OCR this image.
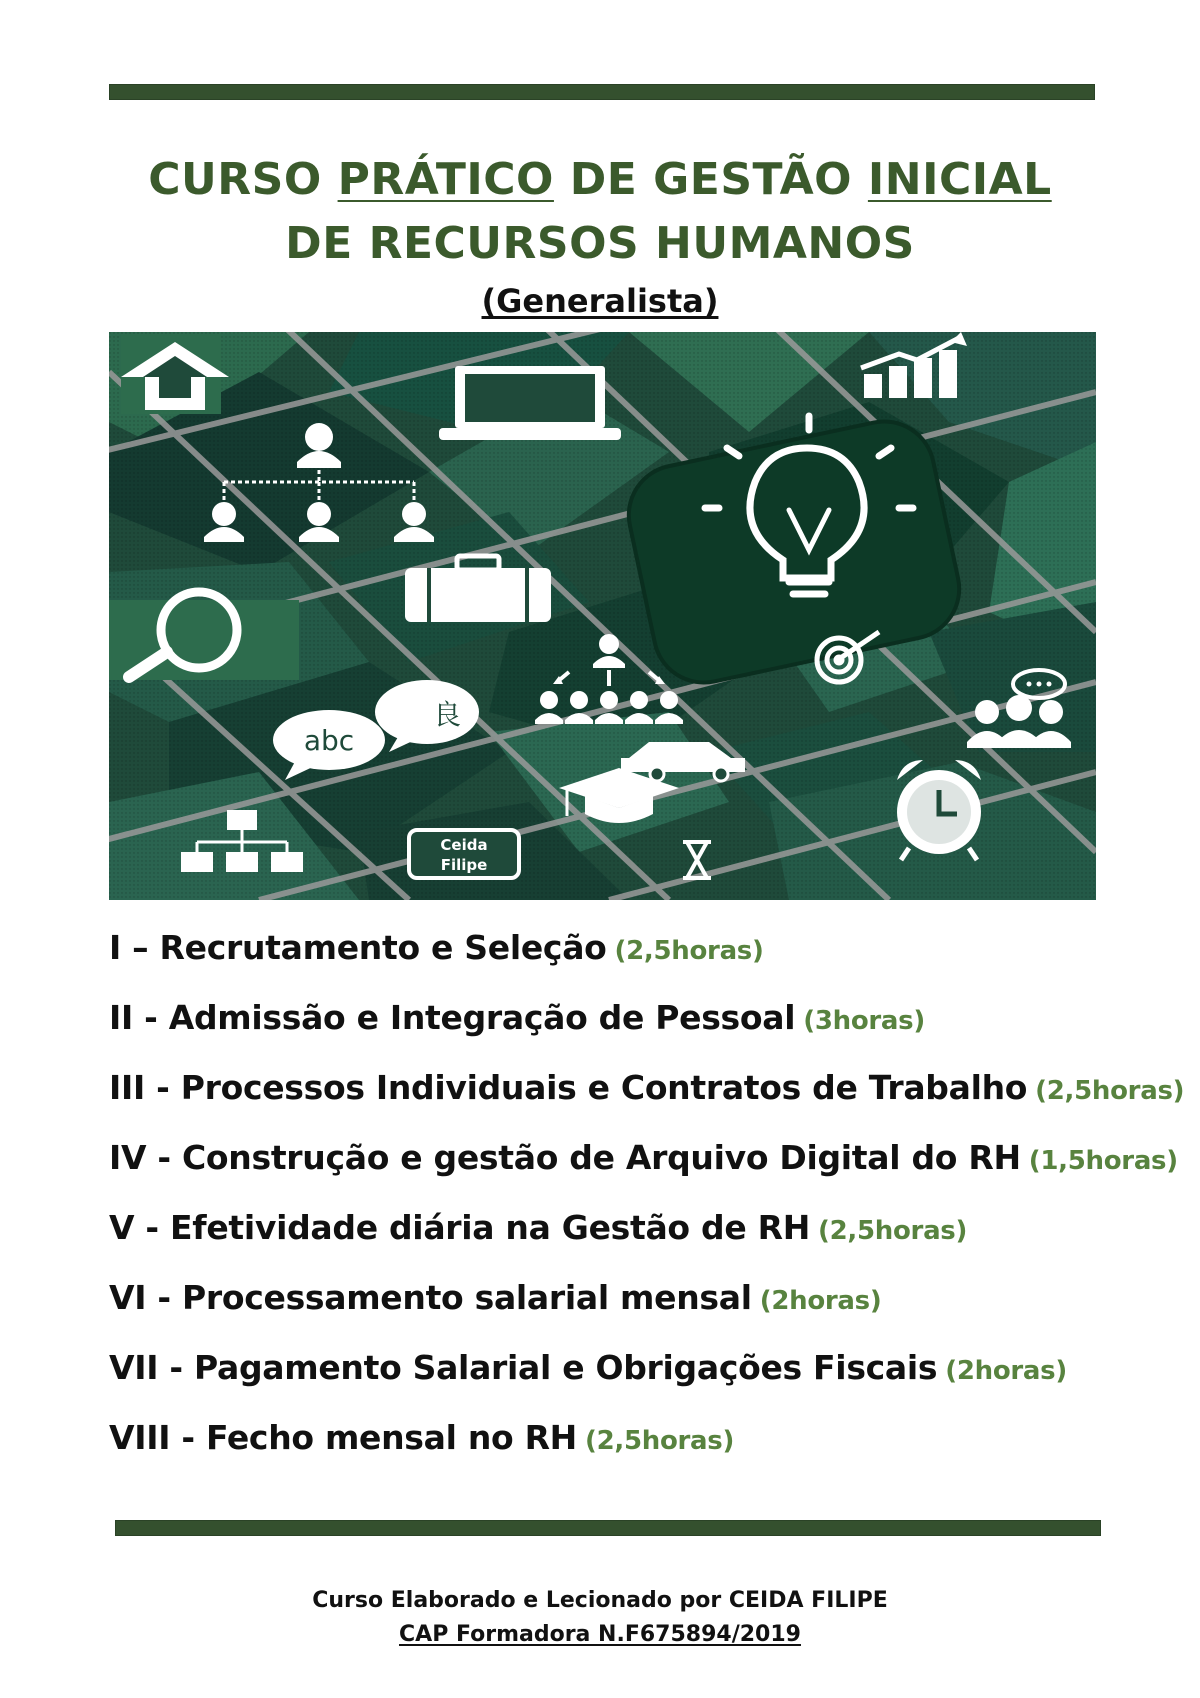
CURSO PRÁTICO DE GESTÃO INICIAL
DE RECURSOS HUMANOS
(Generalista)
abc
良
Ceida
Filipe
I – Recrutamento e Seleção (2,5horas)
II - Admissão e Integração de Pessoal (3horas)
III - Processos Individuais e Contratos de Trabalho (2,5horas)
IV - Construção e gestão de Arquivo Digital do RH (1,5horas)
V - Efetividade diária na Gestão de RH (2,5horas)
VI - Processamento salarial mensal (2horas)
VII - Pagamento Salarial e Obrigações Fiscais (2horas)
VIII - Fecho mensal no RH (2,5horas)
Curso Elaborado e Lecionado por CEIDA FILIPE
CAP Formadora N.F675894/2019
